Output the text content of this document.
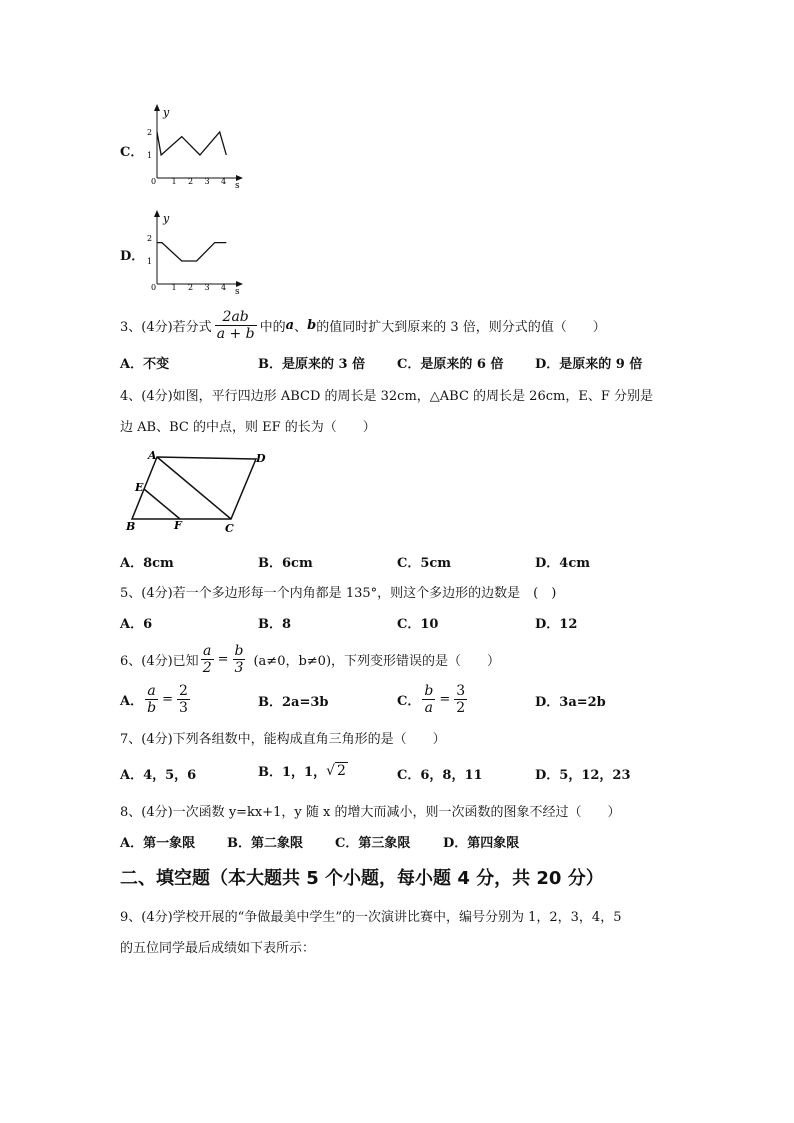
C．
y
s
0 1 2 3 4
1
2
D．
y
s
0 1 2 3 4
1
2
3、(4分)若分式 $\frac{2ab}{a + b}$ 中的 a 、 b 的值同时扩大到原来的 3 倍，则分式的值（　　）
A．不变	B．是原来的 3 倍 C．是原来的 6 倍 D．是原来的 9 倍
4、(4分)如图，平行四边形 ABCD 的周长是 32cm，△ABC 的周长是 26cm，E、F 分别是
边 AB、BC 的中点，则 EF 的长为（　　）
A	D
E
B	F	C
A．8cm	B．6cm	C．5cm	D．4cm
5、(4分)若一个多边形每一个内角都是 135°，则这个多边形的边数是　(　)
A．6	B．8	C．10	D．12
6、(4分)已知 $\frac{a}{2} = \frac{b}{3} (a\ne 0$，b≠0)，下列变形错误的是（　　）
A． $\frac{a}{b} = \frac{2}{3}$	B．2a=3b	C． $\frac{b}{a} = \frac{3}{2}$	D．3a=2b
7、(4分)下列各组数中，能构成直角三角形的是（　　）
A．4，5，6	B．1，1， √ 2	C．6，8，11	D．5，12，23
8、(4分)一次函数 y=kx+1，y 随 x 的增大而减小，则一次函数的图象不经过（　　）
A．第一象限 B．第二象限 C．第三象限	D．第四象限
二、填空题（本大题共 5 个小题，每小题 4 分，共 20 分）
9、(4分)学校开展的“争做最美中学生”的一次演讲比赛中，编号分别为 1，2，3，4，5
的五位同学最后成绩如下表所示：
